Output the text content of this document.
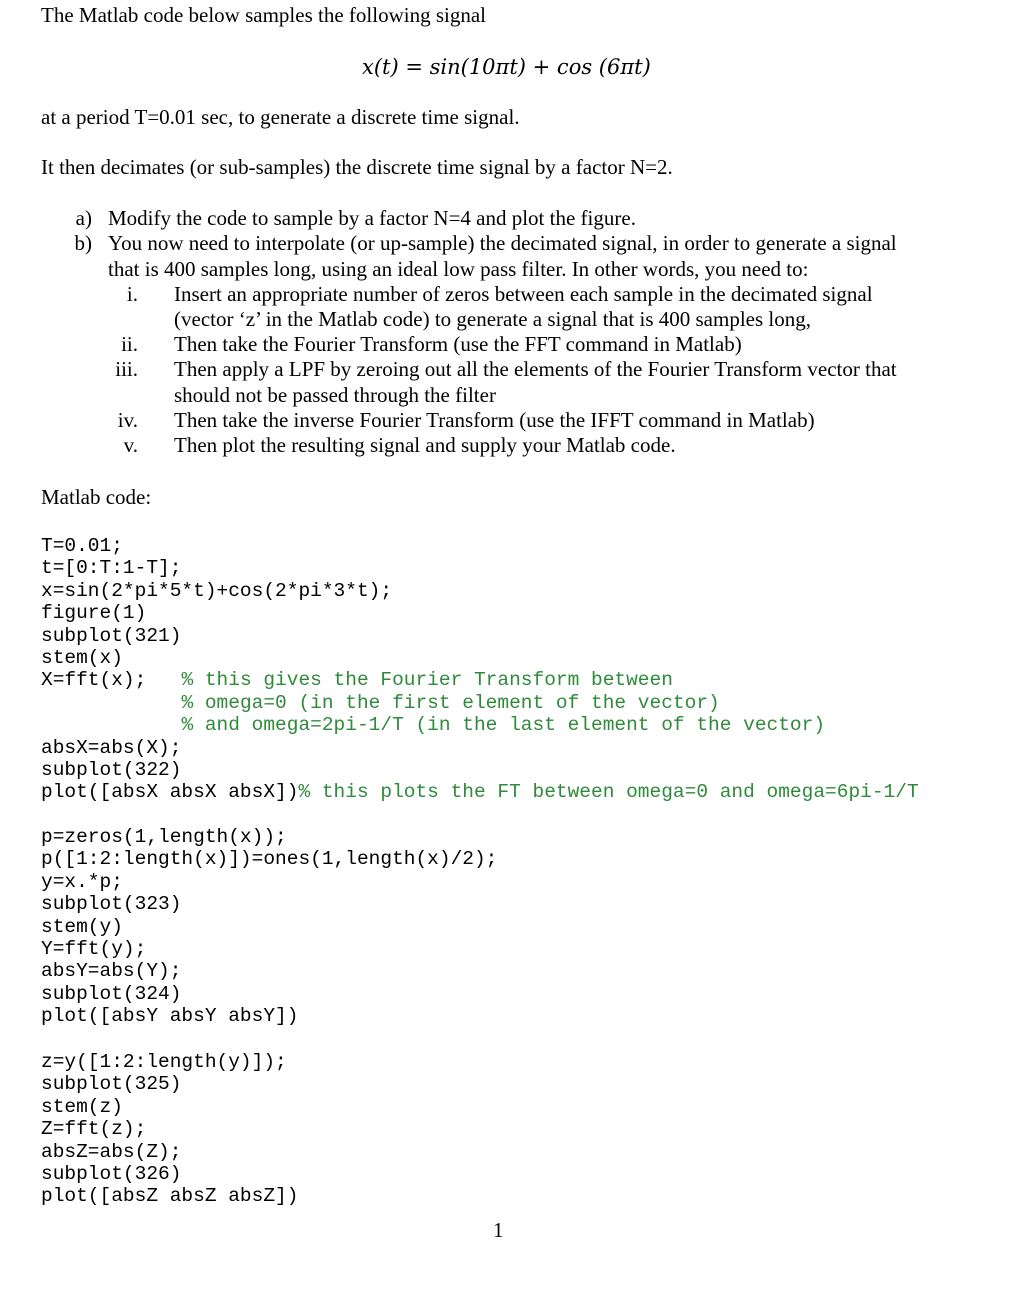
The Matlab code below samples the following signal
x(t) = sin(10πt) + cos (6πt)
at a period T=0.01 sec, to generate a discrete time signal.
It then decimates (or sub-samples) the discrete time signal by a factor N=2.
a) Modify the code to sample by a factor N=4 and plot the figure.
b) You now need to interpolate (or up-sample) the decimated signal, in order to generate a signal
that is 400 samples long, using an ideal low pass filter. In other words, you need to:
i. Insert an appropriate number of zeros between each sample in the decimated signal
(vector ‘z’ in the Matlab code) to generate a signal that is 400 samples long,
ii. Then take the Fourier Transform (use the FFT command in Matlab)
iii. Then apply a LPF by zeroing out all the elements of the Fourier Transform vector that
should not be passed through the filter
iv. Then take the inverse Fourier Transform (use the IFFT command in Matlab)
v. Then plot the resulting signal and supply your Matlab code.
Matlab code:
T=0.01;
t=[0:T:1-T];
x=sin(2*pi*5*t)+cos(2*pi*3*t);
figure(1)
subplot(321)
stem(x)
X=fft(x);   % this gives the Fourier Transform between
% omega=0 (in the first element of the vector)
% and omega=2pi-1/T (in the last element of the vector)
absX=abs(X);
subplot(322)
plot([absX absX absX])% this plots the FT between omega=0 and omega=6pi-1/T
p=zeros(1,length(x));
p([1:2:length(x)])=ones(1,length(x)/2);
y=x.*p;
subplot(323)
stem(y)
Y=fft(y);
absY=abs(Y);
subplot(324)
plot([absY absY absY])
z=y([1:2:length(y)]);
subplot(325)
stem(z)
Z=fft(z);
absZ=abs(Z);
subplot(326)
plot([absZ absZ absZ])
1
